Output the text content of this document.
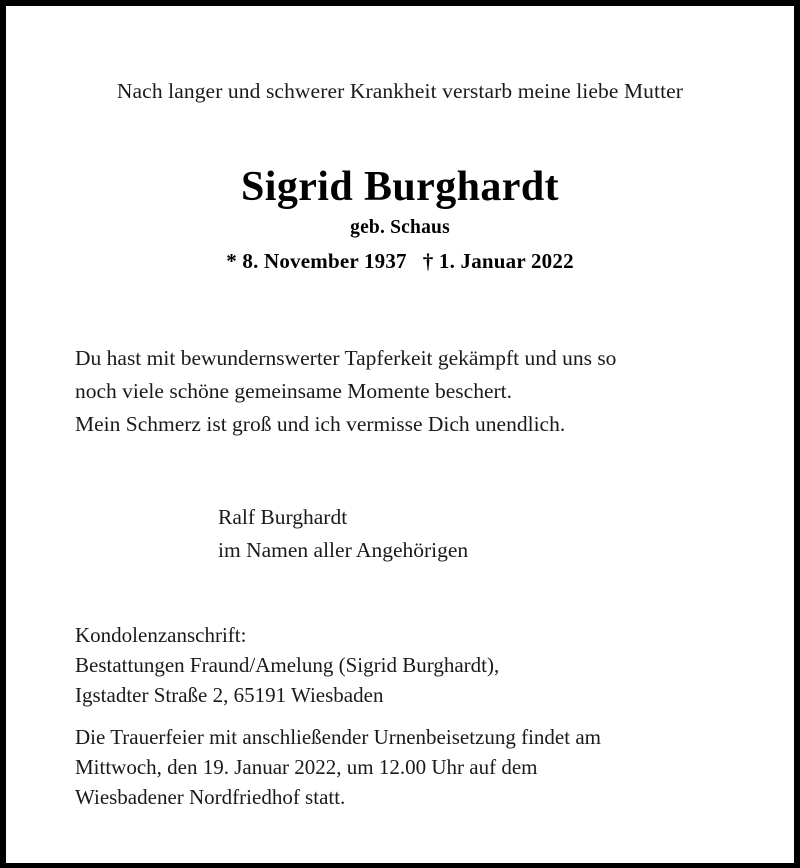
Nach langer und schwerer Krankheit verstarb meine liebe Mutter
Sigrid Burghardt
geb. Schaus
* 8. November 1937 † 1. Januar 2022
Du hast mit bewundernswerter Tapferkeit gekämpft und uns so
noch viele schöne gemeinsame Momente beschert.
Mein Schmerz ist groß und ich vermisse Dich unendlich.
Ralf Burghardt
im Namen aller Angehörigen
Kondolenzanschrift:
Bestattungen Fraund/Amelung (Sigrid Burghardt),
Igstadter Straße 2, 65191 Wiesbaden
Die Trauerfeier mit anschließender Urnenbeisetzung findet am
Mittwoch, den 19. Januar 2022, um 12.00 Uhr auf dem
Wiesbadener Nordfriedhof statt.
